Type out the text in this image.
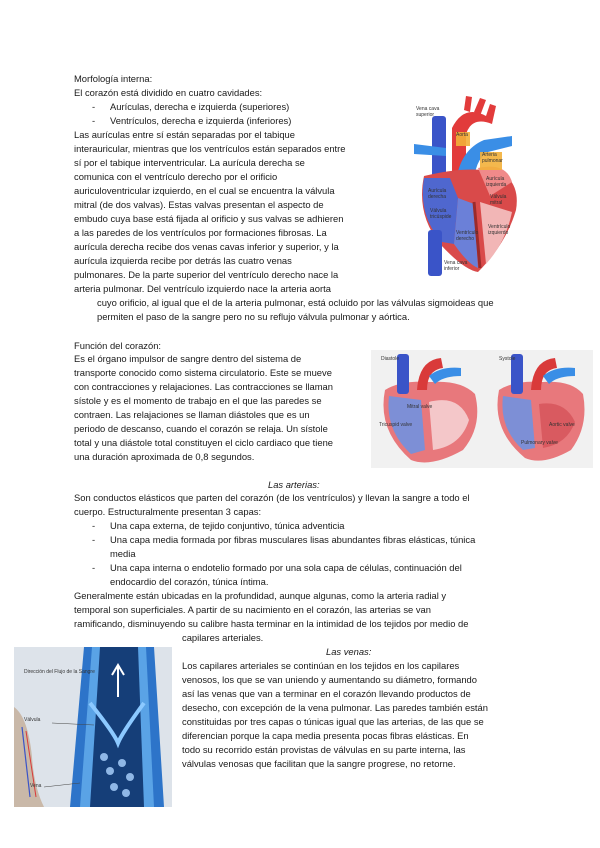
Morfología interna:

El corazón está dividido en cuatro cavidades:

- Aurículas, derecha e izquierda (superiores)

- Ventrículos, derecha e izquierda (inferiores)

Las aurículas entre sí están separadas por el tabique

interauricular, mientras que los ventrículos están separados entre

sí por el tabique interventricular. La aurícula derecha se

comunica con el ventrículo derecho por el orificio

auriculoventricular izquierdo, en el cual se encuentra la válvula

mitral (de dos valvas). Estas valvas presentan el aspecto de

embudo cuya base está fijada al orificio y sus valvas se adhieren

a las paredes de los ventrículos por formaciones fibrosas. La

aurícula derecha recibe dos venas cavas inferior y superior, y la

aurícula izquierda recibe por detrás las cuatro venas

pulmonares. De la parte superior del ventrículo derecho nace la

arteria pulmonar. Del ventrículo izquierdo nace la arteria aorta

cuyo orificio, al igual que el de la arteria pulmonar, está ocluido por las válvulas sigmoideas que

permiten el paso de la sangre pero no su reflujo válvula pulmonar y aórtica.

Vena cava
superior
Aorta
Arteria
pulmonar
Aurícula
izquierda
Aurícula
derecha	Válvula
mitral
Válvula
tricúspide
Ventrículo
derecho
Ventrículo
izquierdo
Vena cava
inferior

Función del corazón:

Es el órgano impulsor de sangre dentro del sistema de

transporte conocido como sistema circulatorio. Este se mueve

con contracciones y relajaciones. Las contracciones se llaman

sístole y es el momento de trabajo en el que las paredes se

contraen. Las relajaciones se llaman diástoles que es un

periodo de descanso, cuando el corazón se relaja. Un sístole

total y una diástole total constituyen el ciclo cardiaco que tiene

una duración aproximada de 0,8 segundos.

Diastole
Mitral valve
Tricuspid valve
Systole
Aortic valve
Pulmonary valve

Las arterias:

Son conductos elásticos que parten del corazón (de los ventrículos) y llevan la sangre a todo el

cuerpo. Estructuralmente presentan 3 capas:

- Una capa externa, de tejido conjuntivo, túnica adventicia

- Una capa media formada por fibras musculares lisas abundantes fibras elásticas, túnica

media

- Una capa interna o endotelio formado por una sola capa de células, continuación del

endocardio del corazón, túnica íntima.

Generalmente están ubicadas en la profundidad, aunque algunas, como la arteria radial y

temporal son superficiales. A partir de su nacimiento en el corazón, las arterias se van

ramificando, disminuyendo su calibre hasta terminar en la intimidad de los tejidos por medio de

capilares arteriales.

Dirección del Flujo de la Sangre
Válvula
Vena

Las venas:

Los capilares arteriales se continúan en los tejidos en los capilares

venosos, los que se van uniendo y aumentando su diámetro, formando

así las venas que van a terminar en el corazón llevando productos de

desecho, con excepción de la vena pulmonar. Las paredes también están

constituidas por tres capas o túnicas igual que las arterias, de las que se

diferencian porque la capa media presenta pocas fibras elásticas. En

todo su recorrido están provistas de válvulas en su parte interna, las

válvulas venosas que facilitan que la sangre progrese, no retorne.
